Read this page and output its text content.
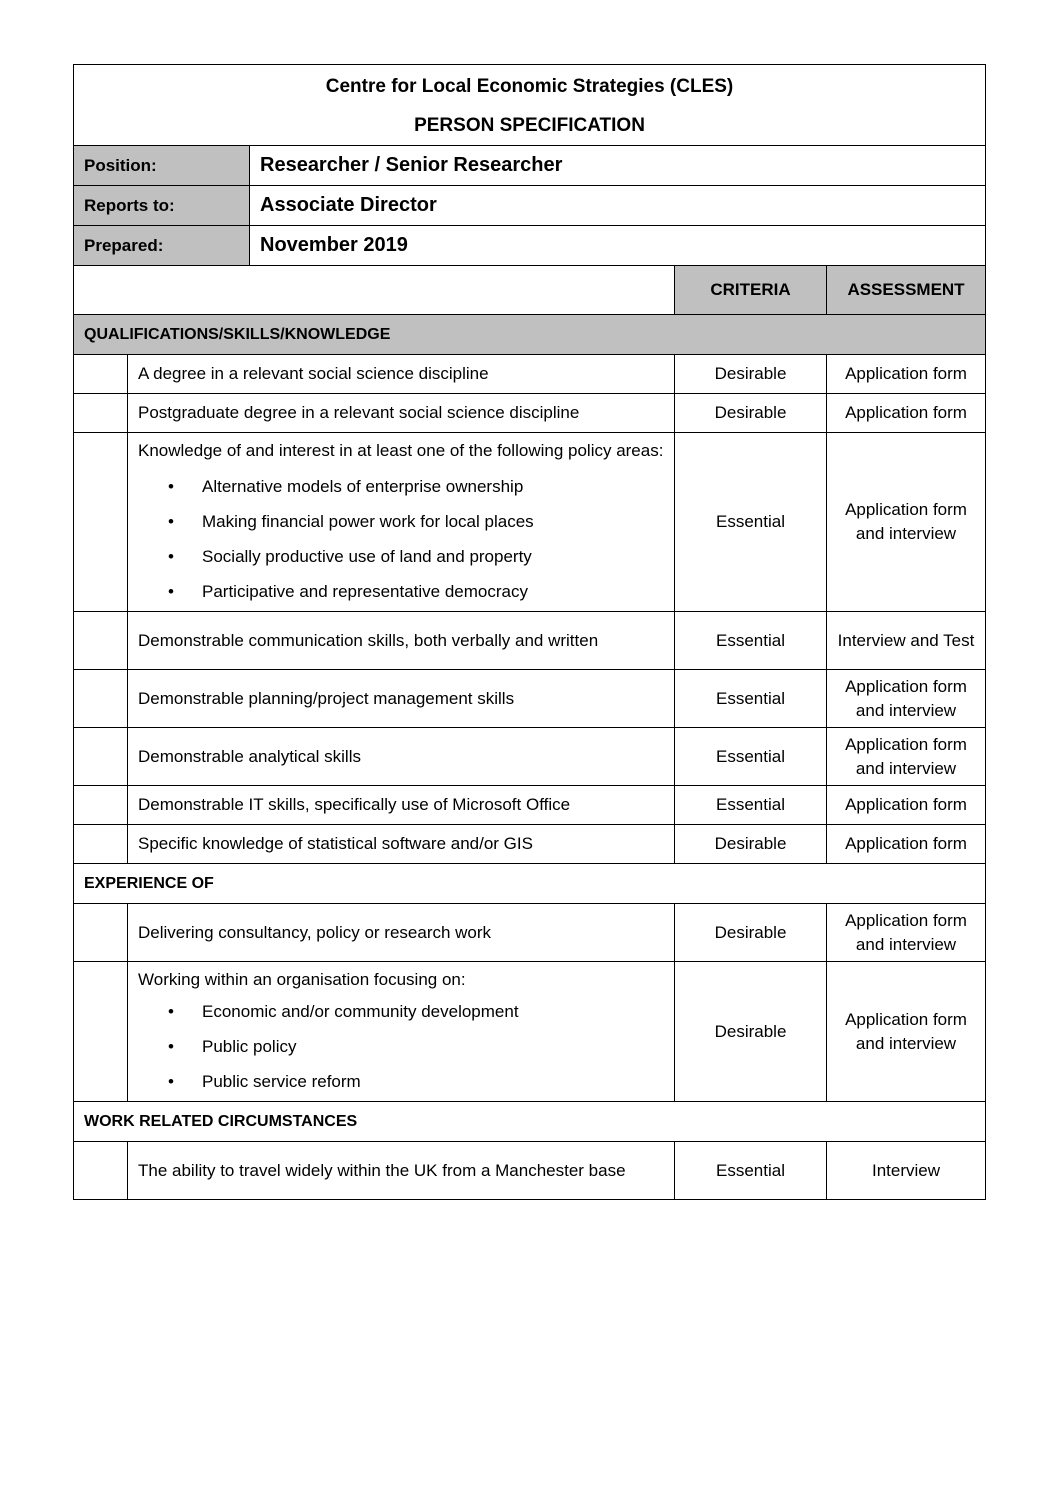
Centre for Local Economic Strategies (CLES)				
PERSON SPECIFICATION				
Position:		Researcher / Senior Researcher		
Reports to:		Associate Director		
Prepared:		November 2019		
			CRITERIA	ASSESSMENT
QUALIFICATIONS/SKILLS/KNOWLEDGE				
	A degree in a relevant social science discipline		Desirable	Application form
	Postgraduate degree in a relevant social science discipline		Desirable	Application form

Knowledge of and interest in at least one of the following policy areas:
• Alternative models of enterprise ownership
• Making financial power work for local places
• Socially productive use of land and property
• Participative and representative democracy
	Essential	Application form and interview
	Demonstrable communication skills, both verbally and written		Essential	Interview and Test
	Demonstrable planning/project management skills		Essential	Application form and interview
	Demonstrable analytical skills		Essential	Application form and interview
	Demonstrable IT skills, specifically use of Microsoft Office		Essential	Application form
	Specific knowledge of statistical software and/or GIS		Desirable	Application form
EXPERIENCE OF				
	Delivering consultancy, policy or research work		Desirable	Application form and interview

Working within an organisation focusing on:
• Economic and/or community development
• Public policy
• Public service reform
	Desirable	Application form and interview
WORK RELATED CIRCUMSTANCES				
	The ability to travel widely within the UK from a Manchester base		Essential	Interview
